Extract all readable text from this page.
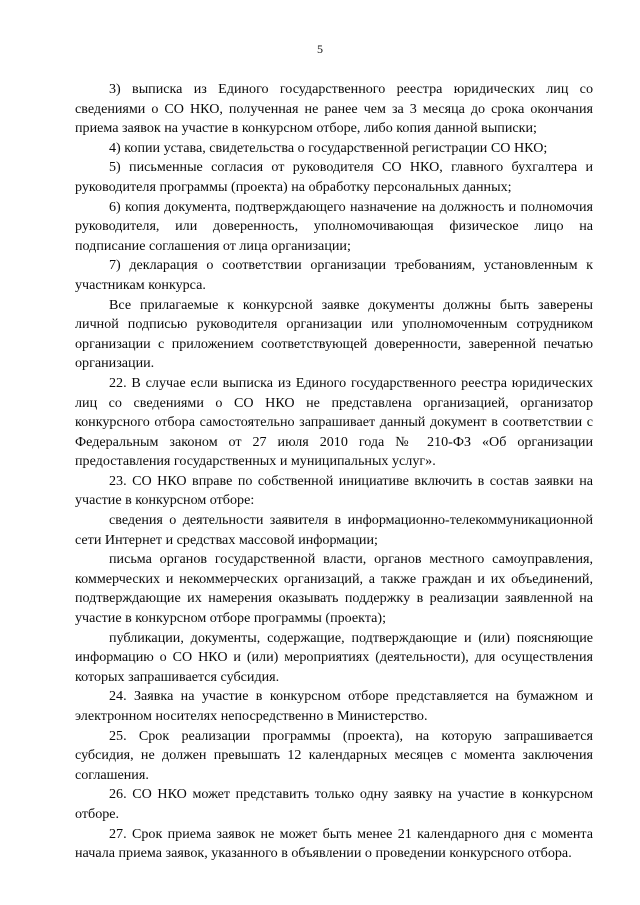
5

3) выписка из Единого государственного реестра юридических лиц со сведениями о СО НКО, полученная не ранее чем за 3 месяца до срока окончания приема заявок на участие в конкурсном отборе, либо копия данной выписки;

4) копии устава, свидетельства о государственной регистрации СО НКО;

5) письменные согласия от руководителя СО НКО, главного бухгалтера и руководителя программы (проекта) на обработку персональных данных;

6) копия документа, подтверждающего назначение на должность и полномочия руководителя, или доверенность, уполномочивающая физическое лицо на подписание соглашения от лица организации;

7) декларация о соответствии организации требованиям, установленным к участникам конкурса.

Все прилагаемые к конкурсной заявке документы должны быть заверены личной подписью руководителя организации или уполномоченным сотрудником организации с приложением соответствующей доверенности, заверенной печатью организации.

22. В случае если выписка из Единого государственного реестра юридических лиц со сведениями о СО НКО не представлена организацией, организатор конкурсного отбора самостоятельно запрашивает данный документ в соответствии с Федеральным законом от 27 июля 2010 года № 210-ФЗ «Об организации предоставления государственных и муниципальных услуг».

23. СО НКО вправе по собственной инициативе включить в состав заявки на участие в конкурсном отборе:

сведения о деятельности заявителя в информационно-телекоммуникационной сети Интернет и средствах массовой информации;

письма органов государственной власти, органов местного самоуправления, коммерческих и некоммерческих организаций, а также граждан и их объединений, подтверждающие их намерения оказывать поддержку в реализации заявленной на участие в конкурсном отборе программы (проекта);

публикации, документы, содержащие, подтверждающие и (или) поясняющие информацию о СО НКО и (или) мероприятиях (деятельности), для осуществления которых запрашивается субсидия.

24. Заявка на участие в конкурсном отборе представляется на бумажном и электронном носителях непосредственно в Министерство.

25. Срок реализации программы (проекта), на которую запрашивается субсидия, не должен превышать 12 календарных месяцев с момента заключения соглашения.

26. СО НКО может представить только одну заявку на участие в конкурсном отборе.

27. Срок приема заявок не может быть менее 21 календарного дня с момента начала приема заявок, указанного в объявлении о проведении конкурсного отбора.
